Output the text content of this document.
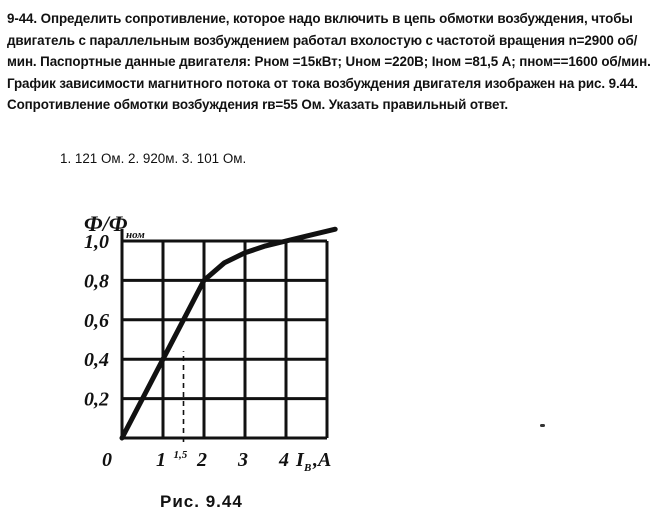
9-44. Определить сопротивление, которое надо включить в цепь обмотки возбуждения, чтобы двигатель с параллельным возбуждением работал вхолостую с частотой вращения n=2900 об/мин. Паспортные данные двигателя: Рном =15кВт; Uном =220В; Iном =81,5 А; пном==1600 об/мин. График зависимости магнитного потока от тока возбуждения двигателя изображен на рис. 9.44. Сопротивление обмотки возбуждения rв=55 Ом. Указать правильный ответ.

1. 121 Ом. 2. 920м. 3. 101 Ом.

0,2
0,4
0,6
0,8
1,0
0 1 2 3 4
1,5	I В ,А
Ф/Ф
ном
Рис. 9.44
